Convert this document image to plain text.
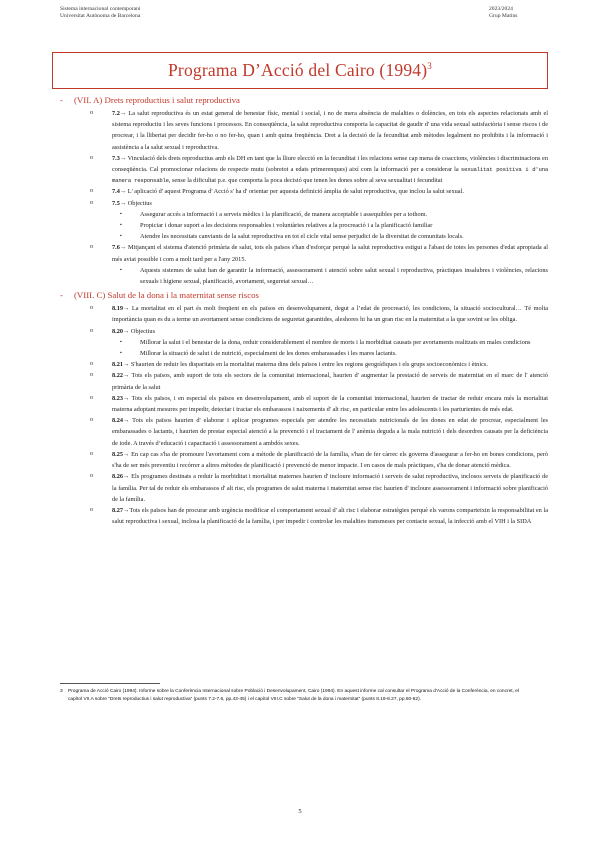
Sistema internacional contemporani
Universitat Autònoma de Barcelona
2023/2024
Grup Matins
Programa D’Acció del Cairo $(1994)^3$
- (VII. A) Drets reproductius i salut reproductiva
o	7.2→ La salut reproductiva és un estat general de benestar físic, mental i social, i no de mera absència de malalties o dolències, en tots els aspectes relacionats amb el sistema reproductiu i les seves funcions i processos. En conseqüència, la salut reproductiva comporta la capacitat de gaudir d' una vida sexual satisfactòria i sense riscos i de procrear, i la llibertat per decidir fer-ho o no fer-ho, quan i amb quina freqüència. Dret a la decisió de la fecunditat amb mètodes legalment no prohibits i la informació i assistència a la salut sexual i reproductiva.
o	7.3→ Vinculació dels drets reproductius amb els DH en tant que la lliure elecció en la fecunditat i les relacions sense cap mena de coaccions, violències i discriminacions en conseqüència. Cal promocionar relacions de respecte mutu (sobretot a edats primerenques) així com la informació per a considerar la sexualitat positiva i d'una manera responsable, sense la dificultat p.e. que comporta la poca decisió que tenen les dones sobre al seva sexualitat i fecunditat
o	7.4→ L' aplicació d' aquest Programa d' Acció s' ha d' orientar per aquesta definició àmplia de salut reproductiva, que inclou la salut sexual.
o	7.5→ Objectius
▪	Assegurar accés a informació i a serveis mèdics i la planificació, de manera acceptable i assequibles per a tothom.
▪	Propiciar i donar suport a les decisions responsables i voluntàries relatives a la procreació i a la planificació familiar
▪	Atendre les necessitats canviants de la salut reproductiva en tot el cicle vital sense perjudici de la diversitat de comunitats locals.
o	7.6→ Mitjançant el sistema d'atenció primària de salut, tots els països s'han d'esforçar perquè la salut reproductiva estigui a l'abast de totes les persones d'edat apropiada al més aviat possible i com a molt tard per a l'any 2015.
▪	Aquests sistemes de salut han de garantir la informació, assessorament i atenció sobre salut sexual i reproductiva, pràctiques insalubres i violències, relacions sexuals i higiene sexual, planificació, avortament, seguretat sexual…
- (VIII. C) Salut de la dona i la maternitat sense riscos
o	8.19→ La mortalitat en el part és molt freqüent en els països en desenvolupament, degut a l’edat de procreació, les condicions, la situació sociocultural… Té molta importància quan es du a terme un avortament sense condicions de seguretat garantides, aleshores hi ha un gran risc en la maternitat a la que sovint se les obliga.
o	8.20→ Objectius
▪	Millorar la salut i el benestar de la dona, reduir considerablement el nombre de morts i la morbiditat causats per avortaments realitzats en males condicions
▪	Millorar la situació de salut i de nutrició, especialment de les dones embarassades i les mares lactants.
o	8.21→ S'haurien de reduir les disparitats en la mortalitat materna dins dels països i entre les regions geogràfiques i els grups socioeconòmics i ètnics.
o	8.22→ Tots els països, amb suport de tots els sectors de la comunitat internacional, haurien d' augmentar la prestació de serveis de maternitat en el marc de l' atenció primària de la salut
o	8.23→ Tots els països, i en especial els països en desenvolupament, amb el suport de la comunitat internacional, haurien de tractar de reduir encara més la mortalitat materna adoptant mesures per impedir, detectar i tractar els embarassos i naixements d' alt risc, en particular entre les adolescents i les parturientes de més edat.
o	8.24→ Tots els països haurien d' elaborar i aplicar programes especials per atendre les necessitats nutricionals de les dones en edat de procrear, especialment les embarassades o lactants, i haurien de prestar especial atenció a la prevenció i el tractament de l' anèmia deguda a la mala nutrició i dels desordres causats per la deficiència de iode. A través d’educació i capacitació i assessorament a ambdós sexes.
o	8.25→ En cap cas s'ha de promoure l'avortament com a mètode de planificació de la família, s'han de fer càrrec els governs d'assegurar a fer-ho en bones condicions, però s'ha de ser més preventiu i recórrer a altres mètodes de planificació i prevenció de menor impacte. I en casos de mals pràctiques, s'ha de donar atenció mèdica.
o	8.26→ Els programes destinats a reduir la morbiditat i mortalitat maternes haurien d' incloure informació i serveis de salut reproductiva, inclosos serveis de planificació de la família. Per tal de reduir els embarassos d' alt risc, els programes de salut materna i maternitat sense risc haurien d' incloure assessorament i informació sobre planificació de la família.
o	8.27→Tots els països han de procurar amb urgència modificar el comportament sexual d' alt risc i elaborar estratègies perquè els varons comparteixin la responsabilitat en la salut reproductiva i sexual, inclosa la planificació de la família, i per impedir i controlar les malalties transmeses per contacte sexual, la infecció amb el VIH i la SIDA
3	Programa de Acció Cairo (1994). Informe sobre la Conferència Internacional sobre Població i Desenvolupament, Cairo (1994). En aquest informe cal consultar el Programa d'Acció de la Conferència, en concret, el capítol VII.A sobre “Drets reproductius i salut reproductiva” (punts 7.2-7.6, pp.43-45) i el capítol VIII.C sobre “Salut de la dona i maternitat” (punts 8.19-8.27, pp.60-62).
5
